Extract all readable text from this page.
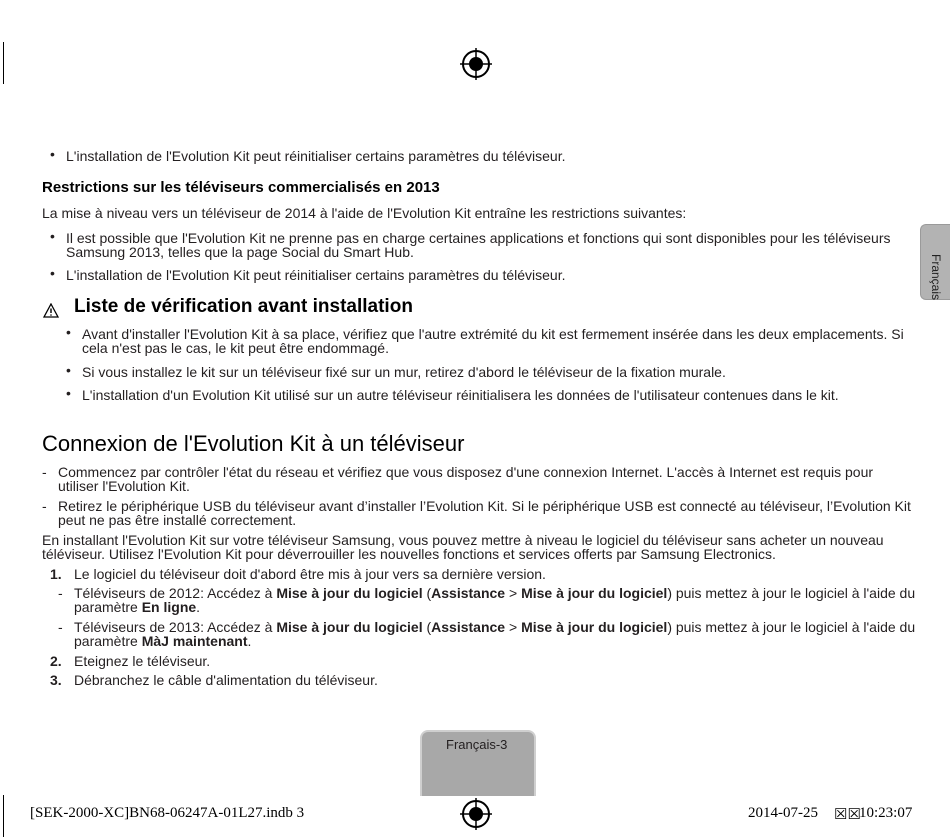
Français
• L'installation de l'Evolution Kit peut réinitialiser certains paramètres du téléviseur.
Restrictions sur les téléviseurs commercialisés en 2013
La mise à niveau vers un téléviseur de 2014 à l'aide de l'Evolution Kit entraîne les restrictions suivantes:
• Il est possible que l'Evolution Kit ne prenne pas en charge certaines applications et fonctions qui sont disponibles pour les téléviseurs Samsung 2013, telles que la page Social du Smart Hub.
• L'installation de l'Evolution Kit peut réinitialiser certains paramètres du téléviseur.
Liste de vérification avant installation
• Avant d'installer l'Evolution Kit à sa place, vérifiez que l'autre extrémité du kit est fermement insérée dans les deux emplacements. Si cela n'est pas le cas, le kit peut être endommagé.
• Si vous installez le kit sur un téléviseur fixé sur un mur, retirez d'abord le téléviseur de la fixation murale.
• L'installation d'un Evolution Kit utilisé sur un autre téléviseur réinitialisera les données de l'utilisateur contenues dans le kit.
Connexion de l'Evolution Kit à un téléviseur
- Commencez par contrôler l'état du réseau et vérifiez que vous disposez d'une connexion Internet. L'accès à Internet est requis pour utiliser l'Evolution Kit.
- Retirez le périphérique USB du téléviseur avant d’installer l’Evolution Kit. Si le périphérique USB est connecté au téléviseur, l’Evolution Kit peut ne pas être installé correctement.
En installant l'Evolution Kit sur votre téléviseur Samsung, vous pouvez mettre à niveau le logiciel du téléviseur sans acheter un nouveau téléviseur. Utilisez l'Evolution Kit pour déverrouiller les nouvelles fonctions et services offerts par Samsung Electronics.
1. Le logiciel du téléviseur doit d'abord être mis à jour vers sa dernière version.
- Téléviseurs de 2012: Accédez à Mise à jour du logiciel (Assistance > Mise à jour du logiciel) puis mettez à jour le logiciel à l'aide du
paramètre En ligne.
- Téléviseurs de 2013: Accédez à Mise à jour du logiciel (Assistance > Mise à jour du logiciel) puis mettez à jour le logiciel à l'aide du
paramètre MàJ maintenant.
2. Eteignez le téléviseur.
3. Débranchez le câble d'alimentation du téléviseur.
Français-3
[SEK-2000-XC]BN68-06247A-01L27.indb 3	2014-07-25 ☒☒
10:23:07
